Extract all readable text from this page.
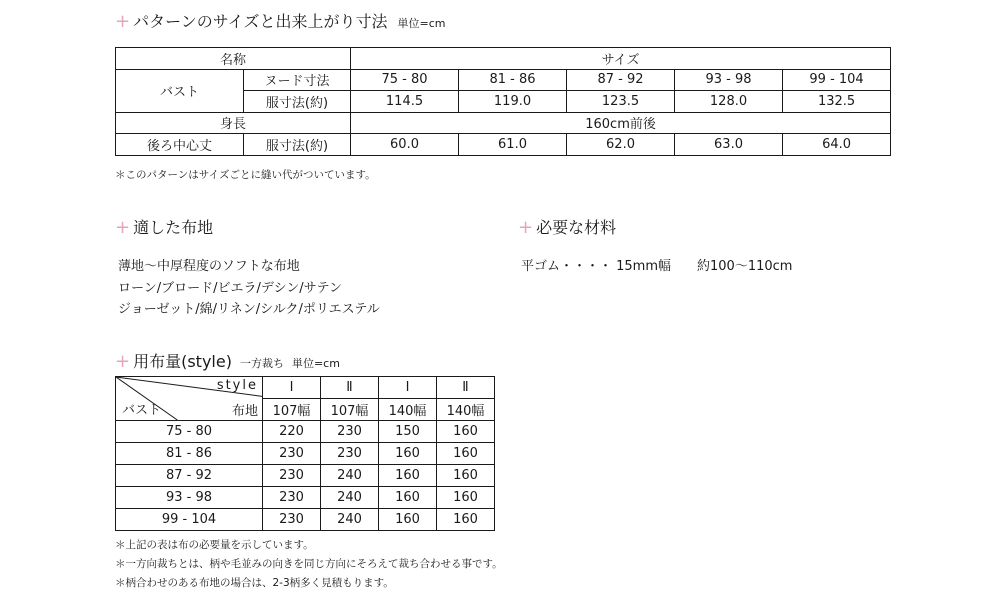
+ パターンのサイズと出来上がり寸法 単位=cm
名称		サイズ				
バスト	ヌード寸法	75 - 80	81 - 86	87 - 92	93 - 98	99 - 104
	服寸法(約)	114.5	119.0	123.5	128.0	132.5
身長		160cm前後				
後ろ中心丈	服寸法(約)	60.0	61.0	62.0	63.0	64.0
＊このパターンはサイズごとに縫い代がついています。
+ 適した布地
薄地～中厚程度のソフトな布地
ローン/ブロード/ビエラ/デシン/サテン
ジョーゼット/綿/リネン/シルク/ポリエステル
+ 必要な材料
平ゴム・・・・ 15mm幅　　約100～110cm
+ 用布量(style) 一方裁ち 単位=cm
style
布地
バスト	Ⅰ	Ⅱ	Ⅰ	Ⅱ
	107幅	107幅	140幅	140幅
75 - 80	220	230	150	160
81 - 86	230	230	160	160
87 - 92	230	240	160	160
93 - 98	230	240	160	160
99 - 104	230	240	160	160
＊上記の表は布の必要量を示しています。
＊一方向裁ちとは、柄や毛並みの向きを同じ方向にそろえて裁ち合わせる事です。
＊柄合わせのある布地の場合は、2-3柄多く見積もります。
